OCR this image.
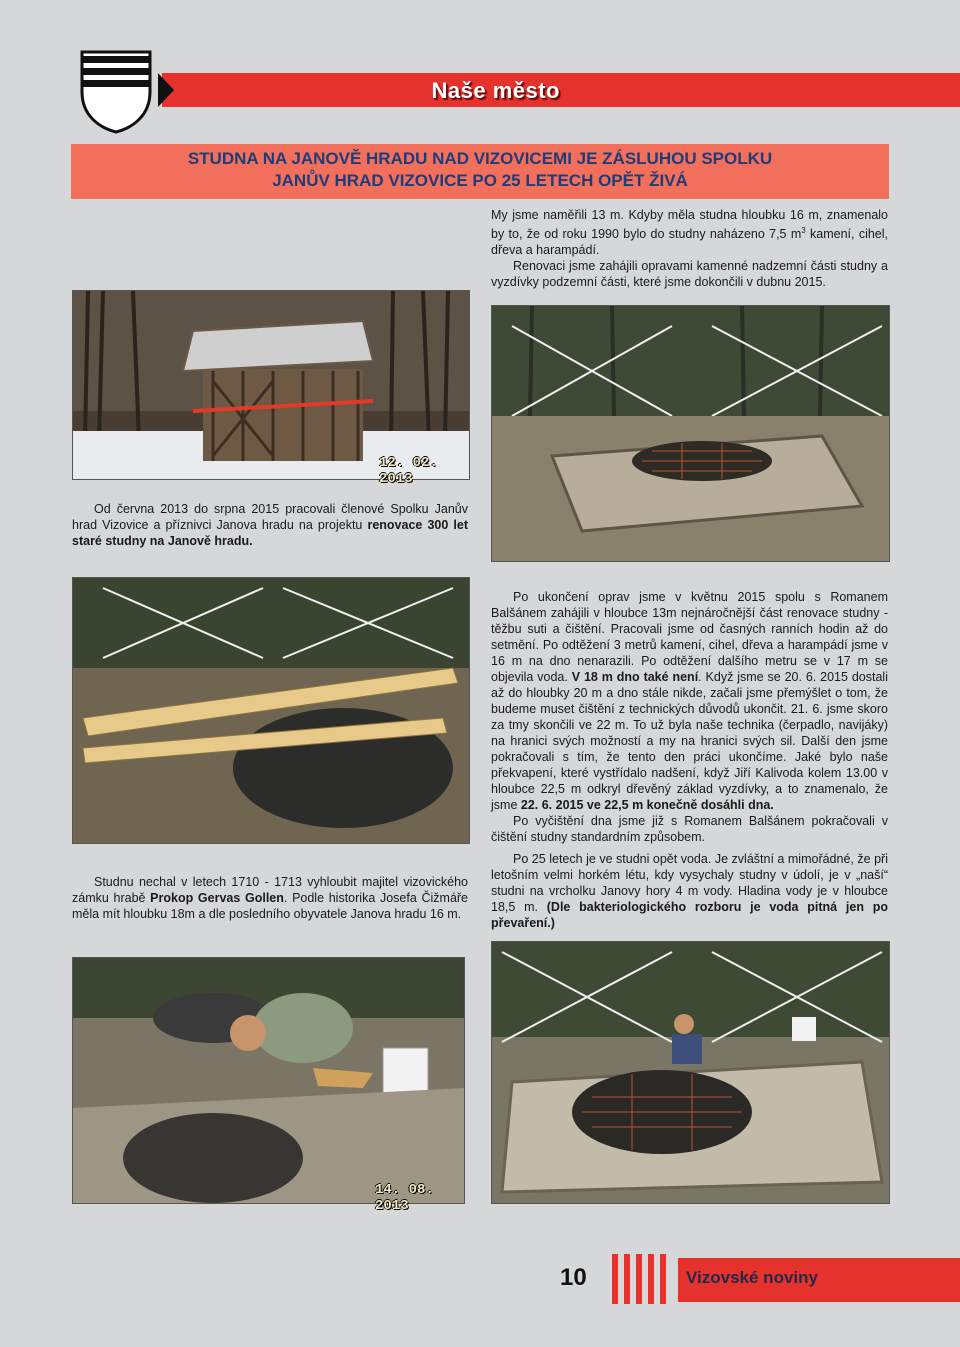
Naše město
STUDNA NA JANOVĚ HRADU NAD VIZOVICEMI JE ZÁSLUHOU SPOLKU
JANŮV HRAD VIZOVICE PO 25 LETECH OPĚT ŽIVÁ

My jsme naměřili 13 m. Kdyby měla studna hloubku 16 m, znamenalo by to, že od roku 1990 bylo do studny naházeno 7,5 $m^3$ kamení, cihel, dřeva a harampádí.

Renovaci jsme zahájili opravami kamenné nadzemní části studny a vyzdívky podzemní části, které jsme dokončili v dubnu 2015.

12. 02. 2013

Od června 2013 do srpna 2015 pracovali členové Spolku Janův hrad Vizovice a příznivci Janova hradu na projektu renovace 300 let staré studny na Janově hradu.

Studnu nechal v letech 1710 - 1713 vyhloubit majitel vizovického zámku hrabě Prokop Gervas Gollen. Podle historika Josefa Čižmáře měla mít hloubku 18m a dle posledního obyvatele Janova hradu 16 m.

Po ukončení oprav jsme v květnu 2015 spolu s Romanem Balšánem zahájili v hloubce 13m nejnáročnější část renovace studny - těžbu suti a čištění. Pracovali jsme od časných ranních hodin až do setmění. Po odtěžení 3 metrů kamení, cihel, dřeva a harampádí jsme v 16 m na dno nenarazili. Po odtěžení dalšího metru se v 17 m se objevila voda. V 18 m dno také není. Když jsme se 20. 6. 2015 dostali až do hloubky 20 m a dno stále nikde, začali jsme přemýšlet o tom, že budeme muset čištění z technických důvodů ukončit. 21. 6. jsme skoro za tmy skončili ve 22 m. To už byla naše technika (čerpadlo, navijáky) na hranici svých možností a my na hranici svých sil. Další den jsme pokračovali s tím, že tento den práci ukončíme. Jaké bylo naše překvapení, které vystřídalo nadšení, když Jiří Kalivoda kolem 13.00 v hloubce 22,5 m odkryl dřevěný základ vyzdívky, a to znamenalo, že jsme 22. 6. 2015 ve 22,5 m konečně dosáhli dna.

Po vyčištění dna jsme již s Romanem Balšánem pokračovali v čištění studny standardním způsobem.

Po 25 letech je ve studni opět voda. Je zvláštní a mimořádné, že při letošním velmi horkém létu, kdy vysychaly studny v údolí, je v „naší“ studni na vrcholku Janovy hory 4 m vody. Hladina vody je v hloubce 18,5 m. (Dle bakteriologického rozboru je voda pitná jen po převaření.)

14. 08. 2013
10	Vizovské noviny
